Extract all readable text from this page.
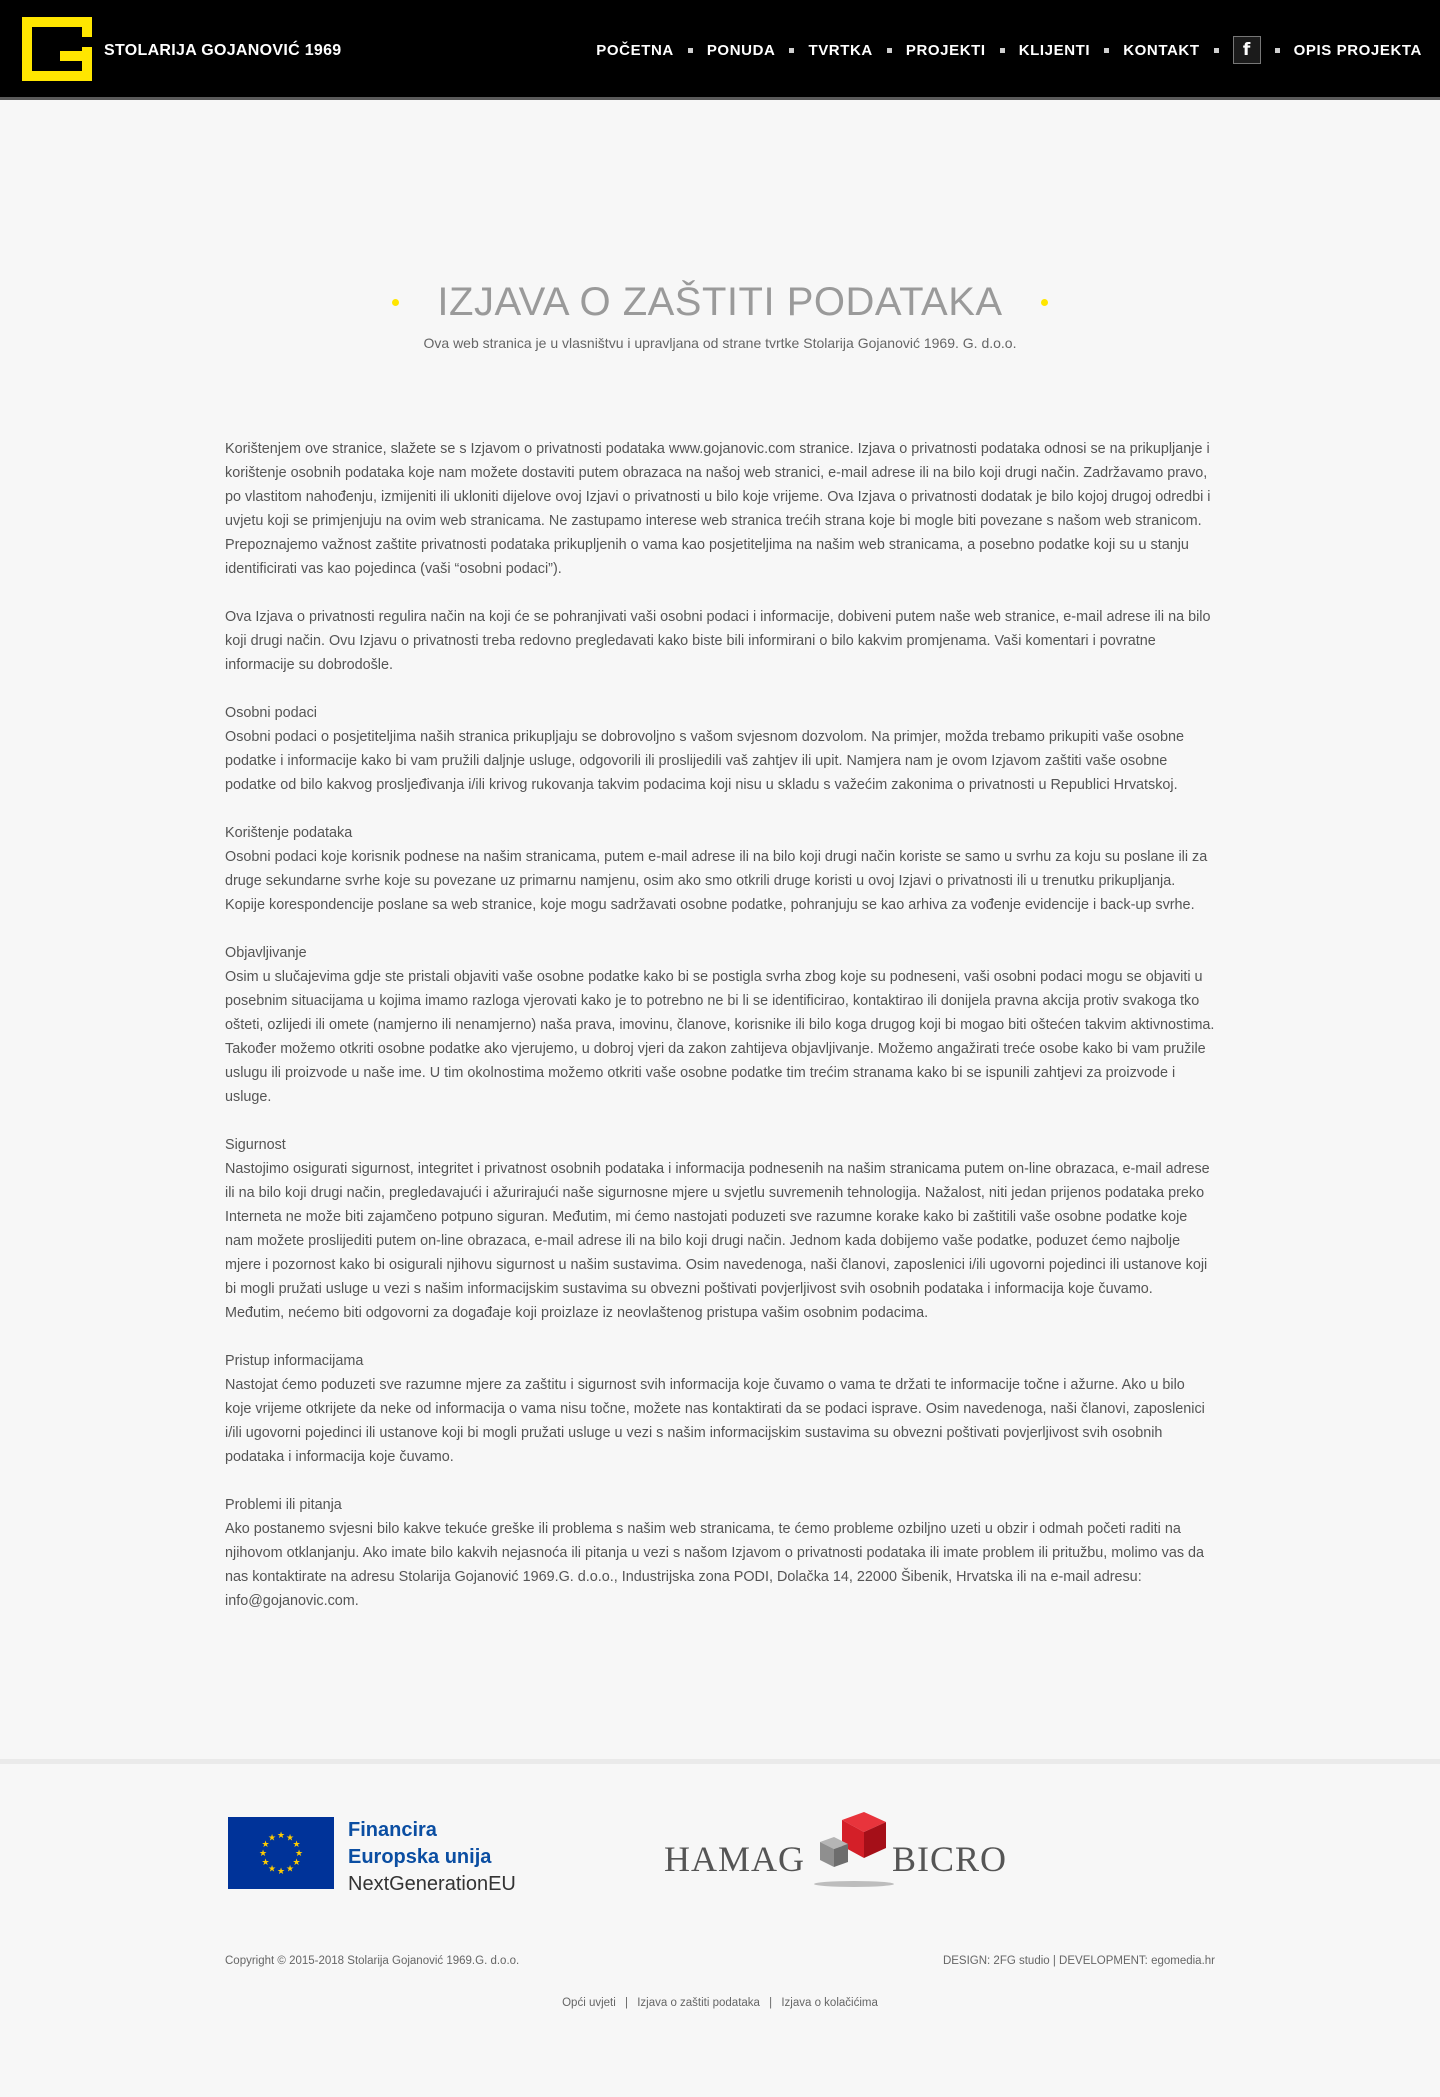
STOLARIJA GOJANOVIĆ 1969	POČETNA PONUDA TVRTKA PROJEKTI KLIJENTI KONTAKT	f	OPIS PROJEKTA
IZJAVA O ZAŠTITI PODATAKA
Ova web stranica je u vlasništvu i upravljana od strane tvrtke Stolarija Gojanović 1969. G. d.o.o.

Korištenjem ove stranice, slažete se s Izjavom o privatnosti podataka www.gojanovic.com stranice. Izjava o privatnosti podataka odnosi se na prikupljanje i korištenje osobnih podataka koje nam možete dostaviti putem obrazaca na našoj web stranici, e-mail adrese ili na bilo koji drugi način. Zadržavamo pravo, po vlastitom nahođenju, izmijeniti ili ukloniti dijelove ovoj Izjavi o privatnosti u bilo koje vrijeme. Ova Izjava o privatnosti dodatak je bilo kojoj drugoj odredbi i uvjetu koji se primjenjuju na ovim web stranicama. Ne zastupamo interese web stranica trećih strana koje bi mogle biti povezane s našom web stranicom. Prepoznajemo važnost zaštite privatnosti podataka prikupljenih o vama kao posjetiteljima na našim web stranicama, a posebno podatke koji su u stanju identificirati vas kao pojedinca (vaši “osobni podaci”).

Ova Izjava o privatnosti regulira način na koji će se pohranjivati vaši osobni podaci i informacije, dobiveni putem naše web stranice, e-mail adrese ili na bilo koji drugi način. Ovu Izjavu o privatnosti treba redovno pregledavati kako biste bili informirani o bilo kakvim promjenama. Vaši komentari i povratne informacije su dobrodošle.

Osobni podaci
Osobni podaci o posjetiteljima naših stranica prikupljaju se dobrovoljno s vašom svjesnom dozvolom. Na primjer, možda trebamo prikupiti vaše osobne podatke i informacije kako bi vam pružili daljnje usluge, odgovorili ili proslijedili vaš zahtjev ili upit. Namjera nam je ovom Izjavom zaštiti vaše osobne podatke od bilo kakvog prosljeđivanja i/ili krivog rukovanja takvim podacima koji nisu u skladu s važećim zakonima o privatnosti u Republici Hrvatskoj.

Korištenje podataka
Osobni podaci koje korisnik podnese na našim stranicama, putem e-mail adrese ili na bilo koji drugi način koriste se samo u svrhu za koju su poslane ili za druge sekundarne svrhe koje su povezane uz primarnu namjenu, osim ako smo otkrili druge koristi u ovoj Izjavi o privatnosti ili u trenutku prikupljanja. Kopije korespondencije poslane sa web stranice, koje mogu sadržavati osobne podatke, pohranjuju se kao arhiva za vođenje evidencije i back-up svrhe.

Objavljivanje
Osim u slučajevima gdje ste pristali objaviti vaše osobne podatke kako bi se postigla svrha zbog koje su podneseni, vaši osobni podaci mogu se objaviti u posebnim situacijama u kojima imamo razloga vjerovati kako je to potrebno ne bi li se identificirao, kontaktirao ili donijela pravna akcija protiv svakoga tko ošteti, ozlijedi ili omete (namjerno ili nenamjerno) naša prava, imovinu, članove, korisnike ili bilo koga drugog koji bi mogao biti oštećen takvim aktivnostima. Također možemo otkriti osobne podatke ako vjerujemo, u dobroj vjeri da zakon zahtijeva objavljivanje. Možemo angažirati treće osobe kako bi vam pružile uslugu ili proizvode u naše ime. U tim okolnostima možemo otkriti vaše osobne podatke tim trećim stranama kako bi se ispunili zahtjevi za proizvode i usluge.

Sigurnost
Nastojimo osigurati sigurnost, integritet i privatnost osobnih podataka i informacija podnesenih na našim stranicama putem on-line obrazaca, e-mail adrese ili na bilo koji drugi način, pregledavajući i ažurirajući naše sigurnosne mjere u svjetlu suvremenih tehnologija. Nažalost, niti jedan prijenos podataka preko Interneta ne može biti zajamčeno potpuno siguran. Međutim, mi ćemo nastojati poduzeti sve razumne korake kako bi zaštitili vaše osobne podatke koje nam možete proslijediti putem on-line obrazaca, e-mail adrese ili na bilo koji drugi način. Jednom kada dobijemo vaše podatke, poduzet ćemo najbolje mjere i pozornost kako bi osigurali njihovu sigurnost u našim sustavima. Osim navedenoga, naši članovi, zaposlenici i/ili ugovorni pojedinci ili ustanove koji bi mogli pružati usluge u vezi s našim informacijskim sustavima su obvezni poštivati povjerljivost svih osobnih podataka i informacija koje čuvamo. Međutim, nećemo biti odgovorni za događaje koji proizlaze iz neovlaštenog pristupa vašim osobnim podacima.

Pristup informacijama
Nastojat ćemo poduzeti sve razumne mjere za zaštitu i sigurnost svih informacija koje čuvamo o vama te držati te informacije točne i ažurne. Ako u bilo koje vrijeme otkrijete da neke od informacija o vama nisu točne, možete nas kontaktirati da se podaci isprave. Osim navedenoga, naši članovi, zaposlenici i/ili ugovorni pojedinci ili ustanove koji bi mogli pružati usluge u vezi s našim informacijskim sustavima su obvezni poštivati povjerljivost svih osobnih podataka i informacija koje čuvamo.

Problemi ili pitanja
Ako postanemo svjesni bilo kakve tekuće greške ili problema s našim web stranicama, te ćemo probleme ozbiljno uzeti u obzir i odmah početi raditi na njihovom otklanjanju. Ako imate bilo kakvih nejasnoća ili pitanja u vezi s našom Izjavom o privatnosti podataka ili imate problem ili pritužbu, molimo vas da nas kontaktirate na adresu Stolarija Gojanović 1969.G. d.o.o., Industrijska zona PODI, Dolačka 14, 22000 Šibenik, Hrvatska ili na e-mail adresu: info@gojanovic.com.

★ ★
★
★
★
★
★
★
★
★
★
★	Financira
Europska unija
NextGenerationEU
HAMAG BICRO
Copyright © 2015-2018 Stolarija Gojanović 1969.G. d.o.o.	DESIGN: 2FG studio | DEVELOPMENT: egomedia.hr
Opći uvjeti | Izjava o zaštiti podataka | Izjava o kolačićima
